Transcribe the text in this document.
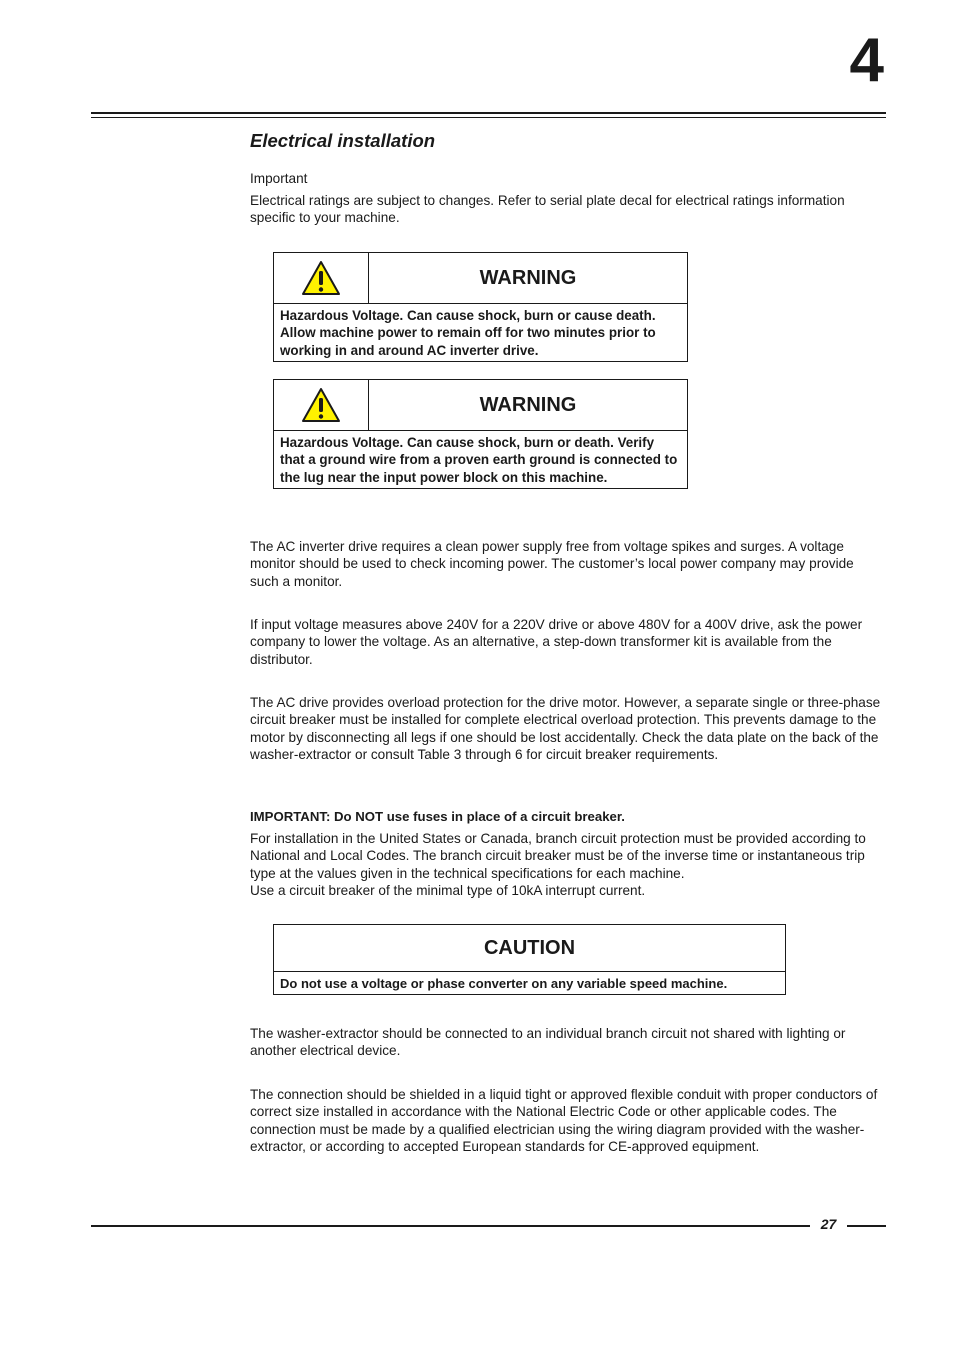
4
Electrical installation

Important

Electrical ratings are subject to changes. Refer to serial plate decal for electrical ratings information specific to your machine.

WARNING
Hazardous Voltage. Can cause shock, burn or cause death. Allow machine power to remain off for two minutes prior to working in and around AC inverter drive.
WARNING
Hazardous Voltage. Can cause shock, burn or death. Verify that a ground wire from a proven earth ground is connected to the lug near the input power block on this machine.

The AC inverter drive requires a clean power supply free from voltage spikes and surges. A voltage monitor should be used to check incoming power. The customer’s local power company may provide such a monitor.

If input voltage measures above 240V for a 220V drive or above 480V for a 400V drive, ask the power company to lower the voltage. As an alternative, a step-down transformer kit is available from the distributor.

The AC drive provides overload protection for the drive motor. However, a separate single or three-phase circuit breaker must be installed for complete electrical overload protection. This prevents damage to the motor by disconnecting all legs if one should be lost accidentally. Check the data plate on the back of the washer-extractor or consult Table 3 through 6 for circuit breaker requirements.

IMPORTANT: Do NOT use fuses in place of a circuit breaker.

For installation in the United States or Canada, branch circuit protection must be provided according to National and Local Codes. The branch circuit breaker must be of the inverse time or instantaneous trip type at the values given in the technical specifications for each machine.

Use a circuit breaker of the minimal type of 10kA interrupt current.

CAUTION
Do not use a voltage or phase converter on any variable speed machine.

The washer-extractor should be connected to an individual branch circuit not shared with lighting or another electrical device.

The connection should be shielded in a liquid tight or approved flexible conduit with proper conductors of correct size installed in accordance with the National Electric Code or other applicable codes. The connection must be made by a qualified electrician using the wiring diagram provided with the washer-extractor, or according to accepted European standards for CE-approved equipment.

27
